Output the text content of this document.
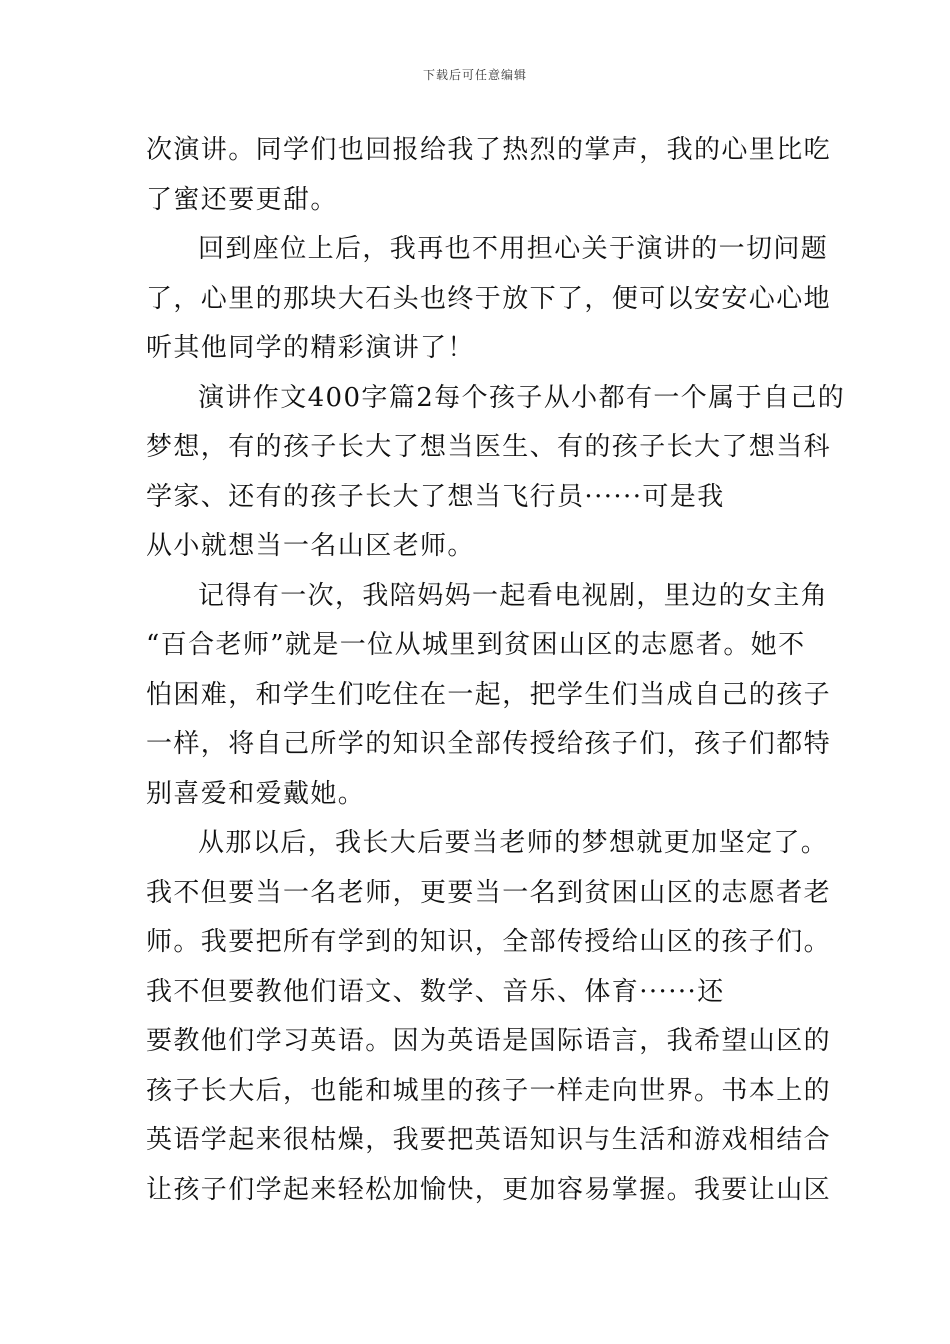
下载后可任意编辑
次演讲。同学们也回报给我了热烈的掌声，我的心里比吃
了蜜还要更甜。
回到座位上后，我再也不用担心关于演讲的一切问题
了，心里的那块大石头也终于放下了，便可以安安心心地
听其他同学的精彩演讲了！
演讲作文400字篇2每个孩子从小都有一个属于自己的
梦想，有的孩子长大了想当医生、有的孩子长大了想当科
学家、还有的孩子长大了想当飞行员······可是我
从小就想当一名山区老师。
记得有一次，我陪妈妈一起看电视剧，里边的女主角
“百合老师”就是一位从城里到贫困山区的志愿者。她不
怕困难，和学生们吃住在一起，把学生们当成自己的孩子
一样，将自己所学的知识全部传授给孩子们，孩子们都特
别喜爱和爱戴她。
从那以后，我长大后要当老师的梦想就更加坚定了。
我不但要当一名老师，更要当一名到贫困山区的志愿者老
师。我要把所有学到的知识，全部传授给山区的孩子们。
我不但要教他们语文、数学、音乐、体育······还
要教他们学习英语。因为英语是国际语言，我希望山区的
孩子长大后，也能和城里的孩子一样走向世界。书本上的
英语学起来很枯燥，我要把英语知识与生活和游戏相结合
让孩子们学起来轻松加愉快，更加容易掌握。我要让山区
